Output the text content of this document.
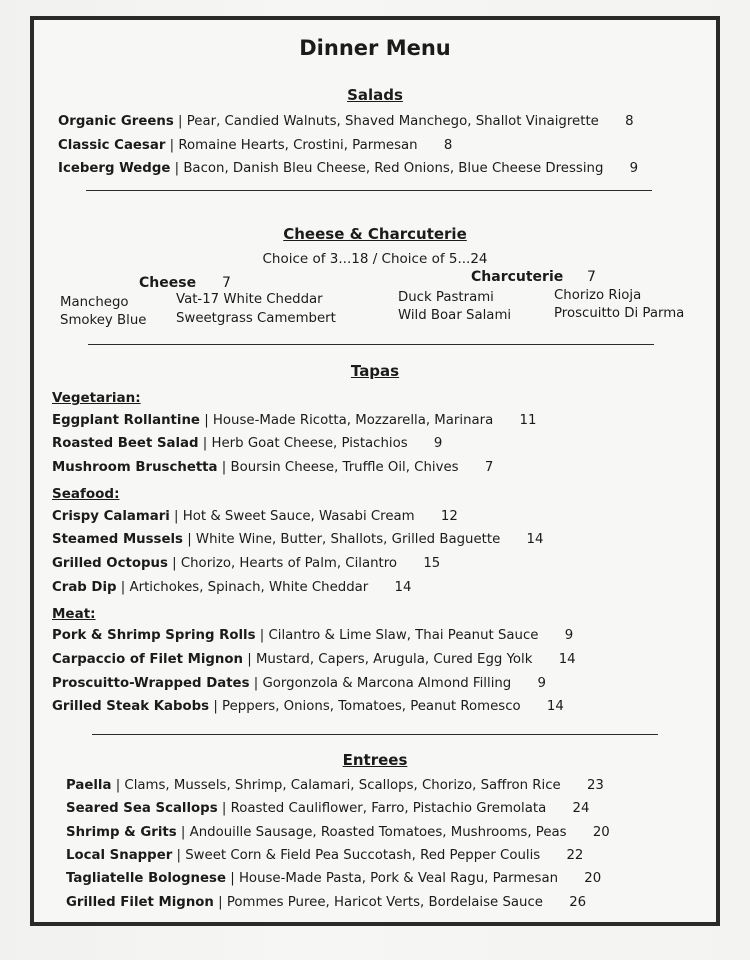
Dinner Menu
Salads
Organic Greens | Pear, Candied Walnuts, Shaved Manchego, Shallot Vinaigrette 8
Classic Caesar | Romaine Hearts, Crostini, Parmesan 8
Iceberg Wedge | Bacon, Danish Bleu Cheese, Red Onions, Blue Cheese Dressing 9
Cheese & Charcuterie
Choice of 3...18 / Choice of 5...24
Cheese 7	Charcuterie 7
Manchego
Smokey Blue
Vat-17 White Cheddar
Sweetgrass Camembert
Duck Pastrami
Wild Boar Salami
Chorizo Rioja
Proscuitto Di Parma
Tapas
Vegetarian:
Eggplant Rollantine | House-Made Ricotta, Mozzarella, Marinara 11
Roasted Beet Salad | Herb Goat Cheese, Pistachios 9
Mushroom Bruschetta | Boursin Cheese, Truffle Oil, Chives 7
Seafood:
Crispy Calamari | Hot & Sweet Sauce, Wasabi Cream 12
Steamed Mussels | White Wine, Butter, Shallots, Grilled Baguette 14
Grilled Octopus | Chorizo, Hearts of Palm, Cilantro 15
Crab Dip | Artichokes, Spinach, White Cheddar 14
Meat:
Pork & Shrimp Spring Rolls | Cilantro & Lime Slaw, Thai Peanut Sauce 9
Carpaccio of Filet Mignon | Mustard, Capers, Arugula, Cured Egg Yolk 14
Proscuitto-Wrapped Dates | Gorgonzola & Marcona Almond Filling 9
Grilled Steak Kabobs | Peppers, Onions, Tomatoes, Peanut Romesco 14
Entrees
Paella | Clams, Mussels, Shrimp, Calamari, Scallops, Chorizo, Saffron Rice 23
Seared Sea Scallops | Roasted Cauliflower, Farro, Pistachio Gremolata 24
Shrimp & Grits | Andouille Sausage, Roasted Tomatoes, Mushrooms, Peas 20
Local Snapper | Sweet Corn & Field Pea Succotash, Red Pepper Coulis 22
Tagliatelle Bolognese | House-Made Pasta, Pork & Veal Ragu, Parmesan 20
Grilled Filet Mignon | Pommes Puree, Haricot Verts, Bordelaise Sauce 26
